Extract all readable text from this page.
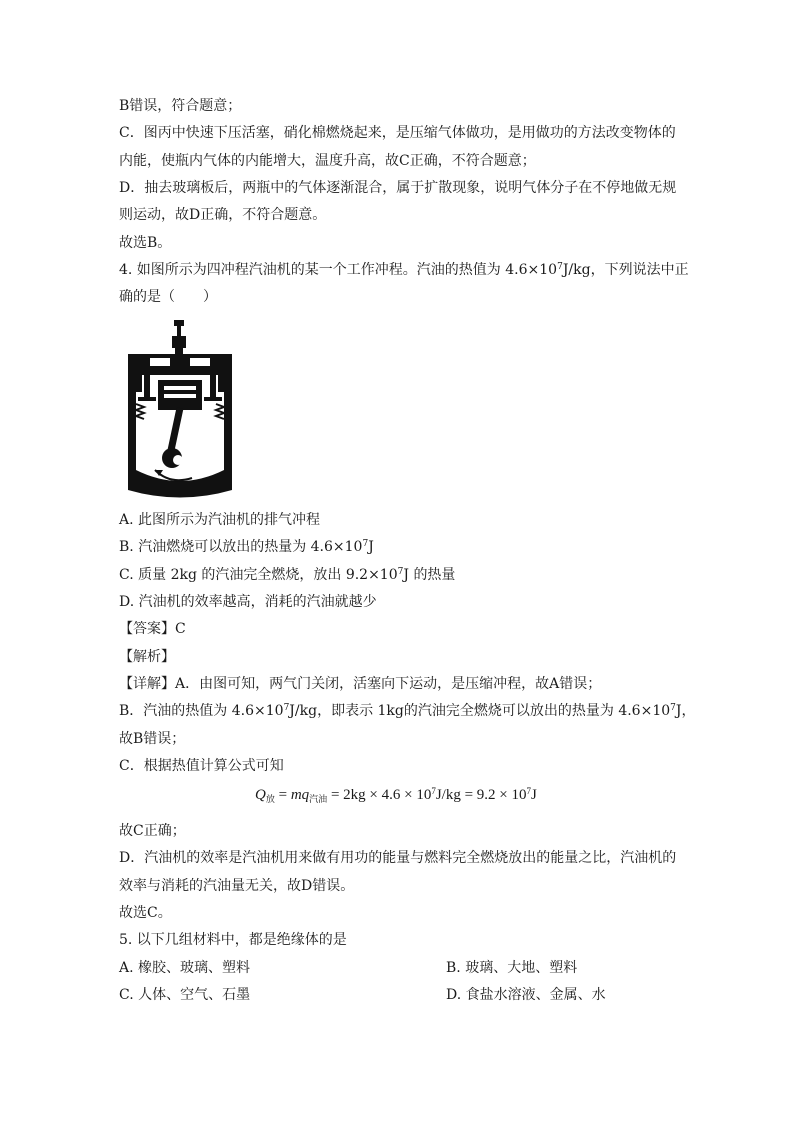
B错误，符合题意；
C．图丙中快速下压活塞，硝化棉燃烧起来，是压缩气体做功，是用做功的方法改变物体的
内能，使瓶内气体的内能增大，温度升高，故C正确，不符合题意；
D．抽去玻璃板后，两瓶中的气体逐渐混合，属于扩散现象，说明气体分子在不停地做无规
则运动，故D正确，不符合题意。
故选B。
4. 如图所示为四冲程汽油机的某一个工作冲程。汽油的热值为 $4.6\times 10^7J/kg$，下列说法中正
确的是（　　）
A. 此图所示为汽油机的排气冲程
B. 汽油燃烧可以放出的热量为 $4.6\times 10^7J$
C. 质量 2kg 的汽油完全燃烧，放出 $9.2\times 10^7J$ 的热量
D. 汽油机的效率越高，消耗的汽油就越少
【答案】C
【解析】
【详解】A．由图可知，两气门关闭，活塞向下运动，是压缩冲程，故A错误；
B．汽油的热值为 $4.6\times 10^7J/kg$，即表示 1kg的汽油完全燃烧可以放出的热量为 $4.6\times 10^7J$，
故B错误；
C．根据热值计算公式可知
$Q_放 = mq_{汽油} = 2kg \times 4.6 \times 10^7J/kg = 9.2 \times 10^7J$
故C正确；
D．汽油机的效率是汽油机用来做有用功的能量与燃料完全燃烧放出的能量之比，汽油机的
效率与消耗的汽油量无关，故D错误。
故选C。
5. 以下几组材料中，都是绝缘体的是
A. 橡胶、玻璃、塑料	B. 玻璃、大地、塑料
C. 人体、空气、石墨	D. 食盐水溶液、金属、水
